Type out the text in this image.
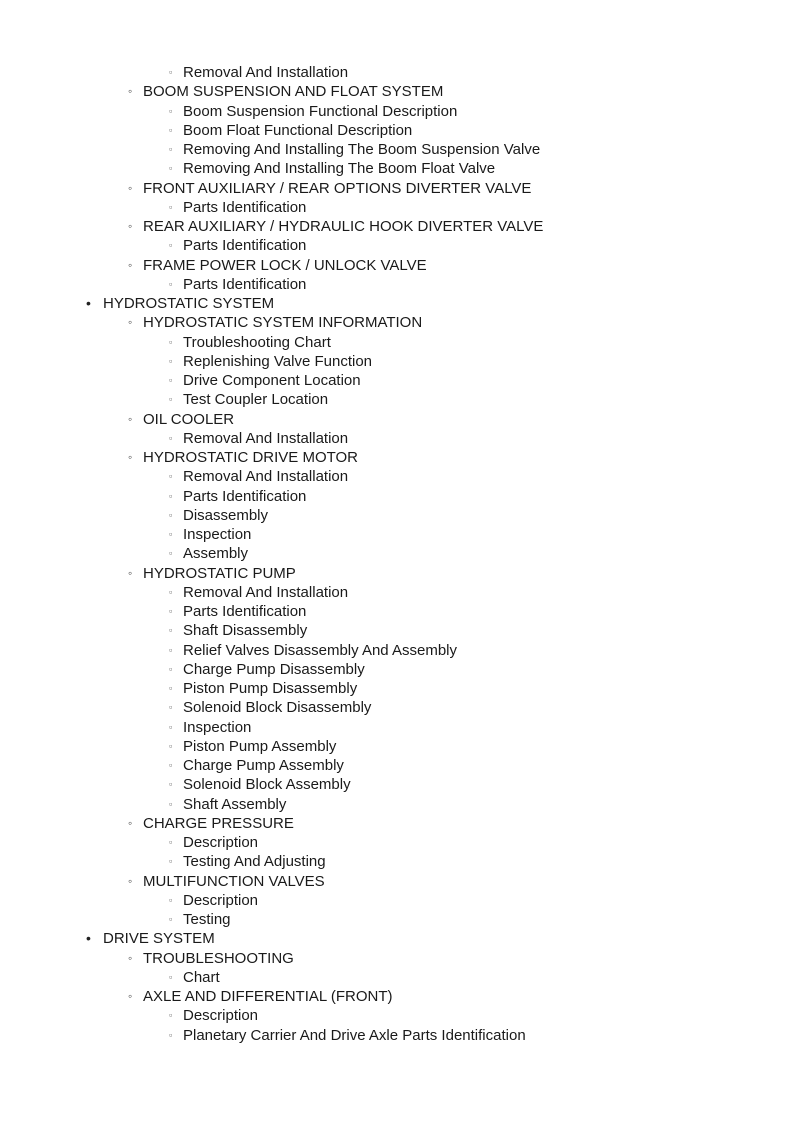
▫ Removal And Installation
◦ BOOM SUSPENSION AND FLOAT SYSTEM
▫ Boom Suspension Functional Description
▫ Boom Float Functional Description
▫ Removing And Installing The Boom Suspension Valve
▫ Removing And Installing The Boom Float Valve
◦ FRONT AUXILIARY / REAR OPTIONS DIVERTER VALVE
▫ Parts Identification
◦ REAR AUXILIARY / HYDRAULIC HOOK DIVERTER VALVE
▫ Parts Identification
◦ FRAME POWER LOCK / UNLOCK VALVE
▫ Parts Identification
• HYDROSTATIC SYSTEM
◦ HYDROSTATIC SYSTEM INFORMATION
▫ Troubleshooting Chart
▫ Replenishing Valve Function
▫ Drive Component Location
▫ Test Coupler Location
◦ OIL COOLER
▫ Removal And Installation
◦ HYDROSTATIC DRIVE MOTOR
▫ Removal And Installation
▫ Parts Identification
▫ Disassembly
▫ Inspection
▫ Assembly
◦ HYDROSTATIC PUMP
▫ Removal And Installation
▫ Parts Identification
▫ Shaft Disassembly
▫ Relief Valves Disassembly And Assembly
▫ Charge Pump Disassembly
▫ Piston Pump Disassembly
▫ Solenoid Block Disassembly
▫ Inspection
▫ Piston Pump Assembly
▫ Charge Pump Assembly
▫ Solenoid Block Assembly
▫ Shaft Assembly
◦ CHARGE PRESSURE
▫ Description
▫ Testing And Adjusting
◦ MULTIFUNCTION VALVES
▫ Description
▫ Testing
• DRIVE SYSTEM
◦ TROUBLESHOOTING
▫ Chart
◦ AXLE AND DIFFERENTIAL (FRONT)
▫ Description
▫ Planetary Carrier And Drive Axle Parts Identification
